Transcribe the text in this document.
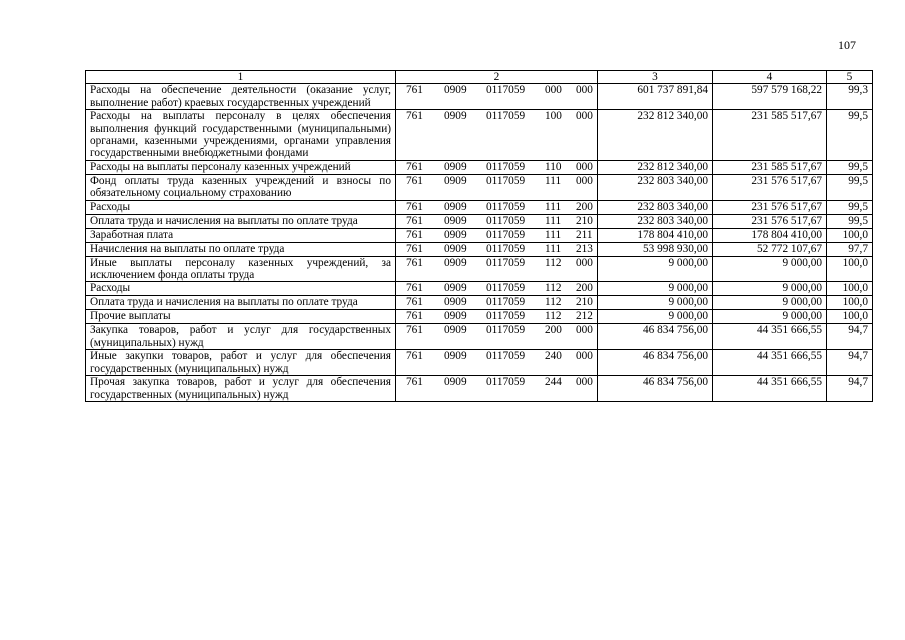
107
1	2	3	4	5
Расходы на обеспечение деятельности (оказание услуг, выполнение работ) краевых государственных учреждений	761 0909 0117059 000 000	601 737 891,84	597 579 168,22	99,3
Расходы на выплаты персоналу в целях обеспечения выполнения функций государственными (муниципальными) органами, казенными учреждениями, органами управления государственными внебюджетными фондами	761 0909 0117059 100 000	232 812 340,00	231 585 517,67	99,5
Расходы на выплаты персоналу казенных учреждений	761 0909 0117059 110 000	232 812 340,00	231 585 517,67	99,5
Фонд оплаты труда казенных учреждений и взносы по обязательному социальному страхованию	761 0909 0117059 111 000	232 803 340,00	231 576 517,67	99,5
Расходы	761 0909 0117059 111 200	232 803 340,00	231 576 517,67	99,5
Оплата труда и начисления на выплаты по оплате труда	761 0909 0117059 111 210	232 803 340,00	231 576 517,67	99,5
Заработная плата	761 0909 0117059 111 211	178 804 410,00	178 804 410,00	100,0
Начисления на выплаты по оплате труда	761 0909 0117059 111 213	53 998 930,00	52 772 107,67	97,7
Иные выплаты персоналу казенных учреждений, за исключением фонда оплаты труда	761 0909 0117059 112 000	9 000,00	9 000,00	100,0
Расходы	761 0909 0117059 112 200	9 000,00	9 000,00	100,0
Оплата труда и начисления на выплаты по оплате труда	761 0909 0117059 112 210	9 000,00	9 000,00	100,0
Прочие выплаты	761 0909 0117059 112 212	9 000,00	9 000,00	100,0
Закупка товаров, работ и услуг для государственных (муниципальных) нужд	761 0909 0117059 200 000	46 834 756,00	44 351 666,55	94,7
Иные закупки товаров, работ и услуг для обеспечения государственных (муниципальных) нужд	761 0909 0117059 240 000	46 834 756,00	44 351 666,55	94,7
Прочая закупка товаров, работ и услуг для обеспечения государственных (муниципальных) нужд	761 0909 0117059 244 000	46 834 756,00	44 351 666,55	94,7
